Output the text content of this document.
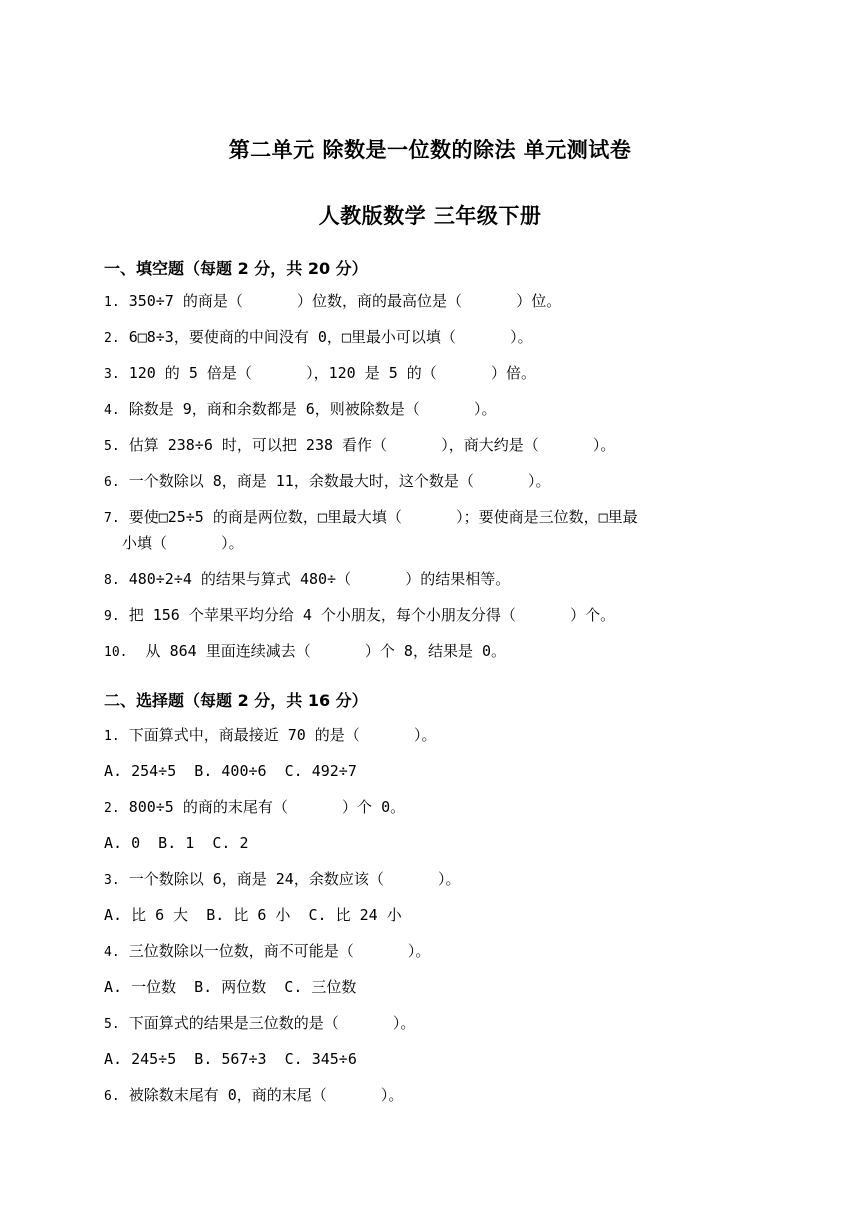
第二单元 除数是一位数的除法 单元测试卷
人教版数学 三年级下册
一、填空题（每题 2 分，共 20 分）
1. 350÷7 的商是（      ）位数，商的最高位是（      ）位。
2. 6□8÷3，要使商的中间没有 0，□里最小可以填（      ）。
3. 120 的 5 倍是（      ），120 是 5 的（      ）倍。
4. 除数是 9，商和余数都是 6，则被除数是（      ）。
5. 估算 238÷6 时，可以把 238 看作（      ），商大约是（      ）。
6. 一个数除以 8，商是 11，余数最大时，这个数是（      ）。
7. 要使□25÷5 的商是两位数，□里最大填（      ）；要使商是三位数，□里最
小填（      ）。
8. 480÷2÷4 的结果与算式 480÷（      ）的结果相等。
9. 把 156 个苹果平均分给 4 个小朋友，每个小朋友分得（      ）个。
10.  从 864 里面连续减去（      ）个 8，结果是 0。
二、选择题（每题 2 分，共 16 分）
1. 下面算式中，商最接近 70 的是（      ）。
A. 254÷5  B. 400÷6  C. 492÷7
2. 800÷5 的商的末尾有（      ）个 0。
A. 0  B. 1  C. 2
3. 一个数除以 6，商是 24，余数应该（      ）。
A. 比 6 大  B. 比 6 小  C. 比 24 小
4. 三位数除以一位数，商不可能是（      ）。
A. 一位数  B. 两位数  C. 三位数
5. 下面算式的结果是三位数的是（      ）。
A. 245÷5  B. 567÷3  C. 345÷6
6. 被除数末尾有 0，商的末尾（      ）。
